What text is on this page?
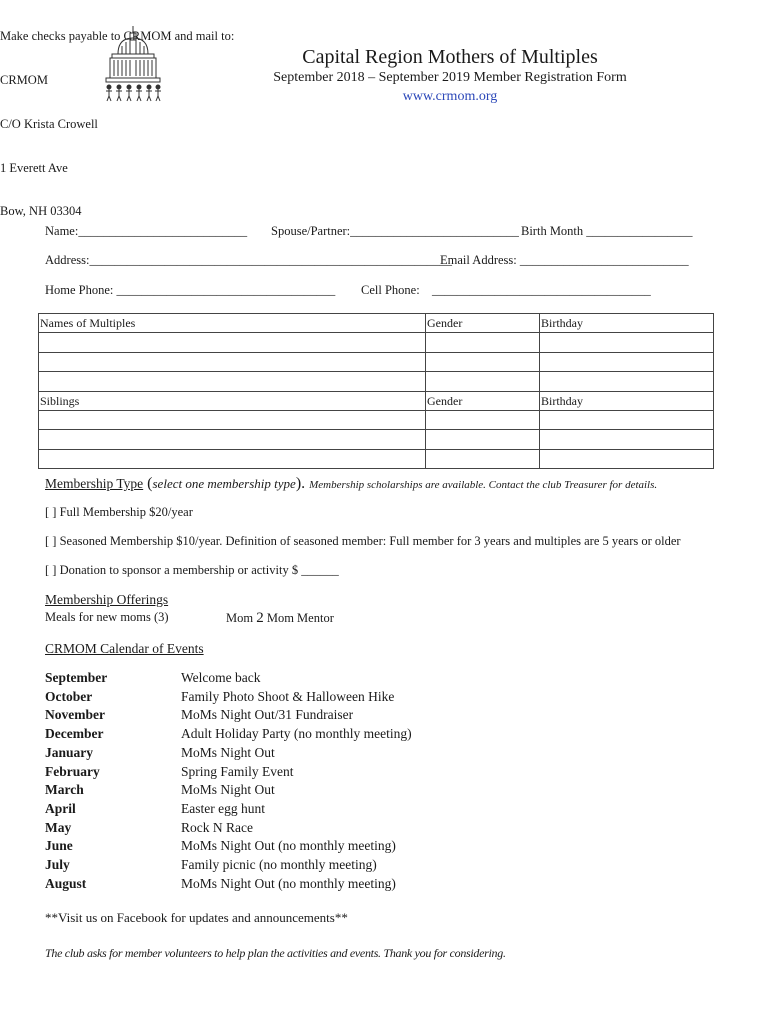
Capital Region Mothers of Multiples
September 2018 – September 2019 Member Registration Form
www.crmom.org

Make checks payable to CRMOM and mail to:

CRMOM

C/O Krista Crowell

1 Everett Ave

Bow, NH 03304

Name:___________________________ Spouse/Partner:___________________________ Birth Month _________________
Address:__________________________________________________________
Email Address: ___________________________
Home Phone: ___________________________________ Cell Phone: ___________________________________
Names of Multiples	Gender	Birthday

Siblings	Gender	Birthday

Membership Type (select one membership type). Membership scholarships are available. Contact the club Treasurer for details.
[ ] Full Membership $20/year
[ ] Seasoned Membership $10/year. Definition of seasoned member: Full member for 3 years and multiples are 5 years or older
[ ] Donation to sponsor a membership or activity $ ______
Membership Offerings
Meals for new moms (3)	Mom 2 Mom Mentor
CRMOM Calendar of Events
September	Welcome back
October	Family Photo Shoot & Halloween Hike
November	MoMs Night Out/31 Fundraiser
December	Adult Holiday Party (no monthly meeting)
January	MoMs Night Out
February	Spring Family Event
March	MoMs Night Out
April	Easter egg hunt
May	Rock N Race
June	MoMs Night Out (no monthly meeting)
July	Family picnic (no monthly meeting)
August	MoMs Night Out (no monthly meeting)
**Visit us on Facebook for updates and announcements**
The club asks for member volunteers to help plan the activities and events. Thank you for considering.
